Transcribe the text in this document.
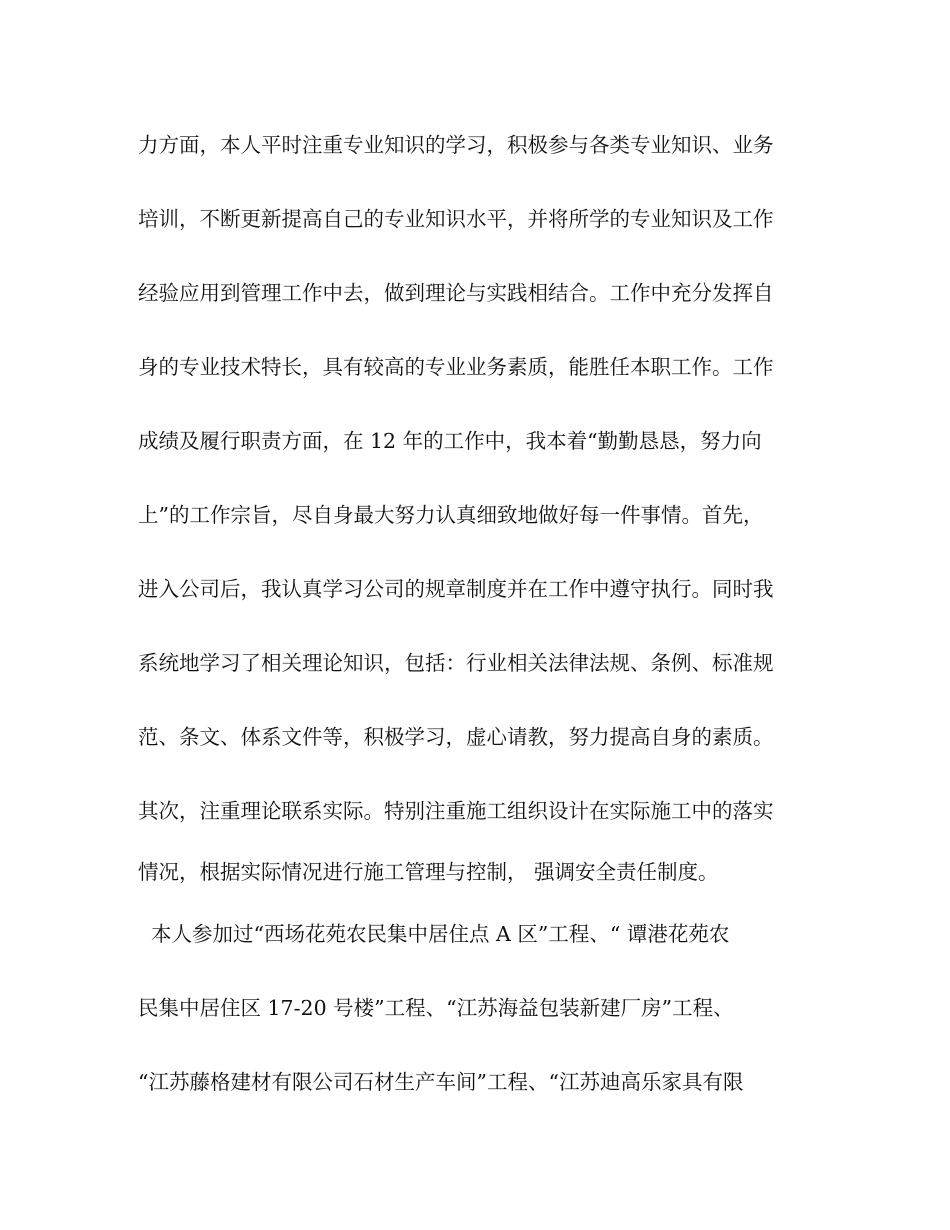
力方面，本人平时注重专业知识的学习，积极参与各类专业知识、业务
培训，不断更新提高自己的专业知识水平，并将所学的专业知识及工作
经验应用到管理工作中去，做到理论与实践相结合。工作中充分发挥自
身的专业技术特长，具有较高的专业业务素质，能胜任本职工作。工作
成绩及履行职责方面，在 12 年的工作中，我本着“勤勤恳恳，努力向
上”的工作宗旨，尽自身最大努力认真细致地做好每一件事情。首先，
进入公司后，我认真学习公司的规章制度并在工作中遵守执行。同时我
系统地学习了相关理论知识，包括：行业相关法律法规、条例、标准规
范、条文、体系文件等，积极学习，虚心请教，努力提高自身的素质。
其次，注重理论联系实际。特别注重施工组织设计在实际施工中的落实
情况，根据实际情况进行施工管理与控制， 强调安全责任制度。
本人参加过“西场花苑农民集中居住点 A 区”工程、“ 谭港花苑农
民集中居住区 17-20 号楼”工程、“江苏海益包装新建厂房”工程、
“江苏藤格建材有限公司石材生产车间”工程、“江苏迪高乐家具有限
